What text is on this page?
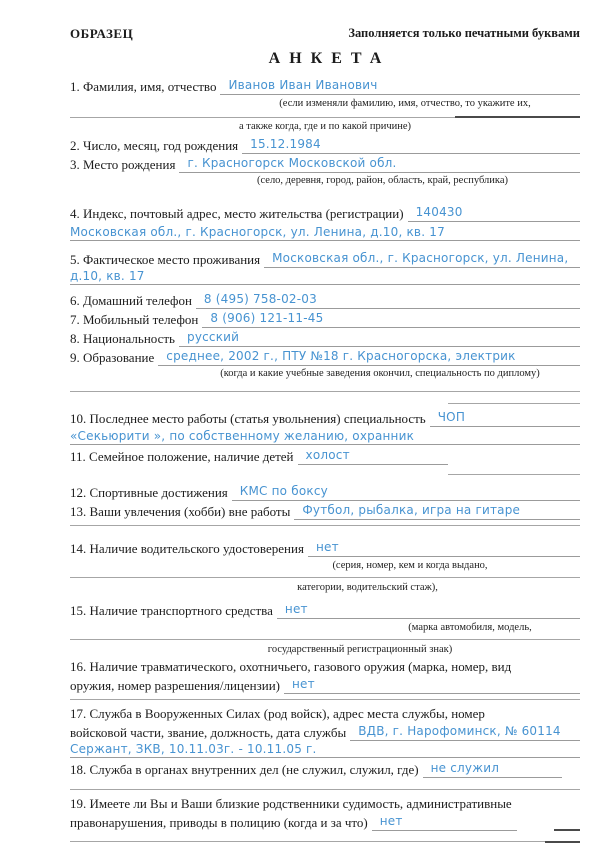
ОБРАЗЕЦ	Заполняется только печатными буквами
АНКЕТА
1. Фамилия, имя, отчество	Иванов Иван Иванович
(если изменяли фамилию, имя, отчество, то укажите их,
а также когда, где и по какой причине)
2. Число, месяц, год рождения	15.12.1984
3. Место рождения	г. Красногорск Московской обл.
(село, деревня, город, район, область, край, республика)
4. Индекс, почтовый адрес, место жительства (регистрации)	140430
Московская обл., г. Красногорск, ул. Ленина, д.10, кв. 17
5. Фактическое место проживания	Московская обл., г. Красногорск, ул. Ленина,
д.10, кв. 17
6. Домашний телефон	8 (495) 758-02-03
7. Мобильный телефон	8 (906) 121-11-45
8. Национальность	русский
9. Образование	среднее, 2002 г., ПТУ №18 г. Красногорска, электрик
(когда и какие учебные заведения окончил, специальность по диплому)
10. Последнее место работы (статья увольнения) специальность	ЧОП
«Секьюрити », по собственному желанию, охранник
11. Семейное положение, наличие детей	холост
12. Спортивные достижения	КМС по боксу
13. Ваши увлечения (хобби) вне работы	Футбол, рыбалка, игра на гитаре
14. Наличие водительского удостоверения	нет
(серия, номер, кем и когда выдано,
категории, водительский стаж),
15. Наличие транспортного средства	нет
(марка автомобиля, модель,
государственный регистрационный знак)
16. Наличие травматического, охотничьего, газового оружия (марка, номер, вид
оружия, номер разрешения/лицензии)	нет
17. Служба в Вооруженных Силах (род войск), адрес места службы, номер
войсковой части, звание, должность, дата службы	ВДВ, г. Нарофоминск, № 60114
Сержант, ЗКВ, 10.11.03г. - 10.11.05 г.
18. Служба в органах внутренних дел (не служил, служил, где)	не служил
19. Имеете ли Вы и Ваши близкие родственники судимость, административные
правонарушения, приводы в полицию (когда и за что)	нет
